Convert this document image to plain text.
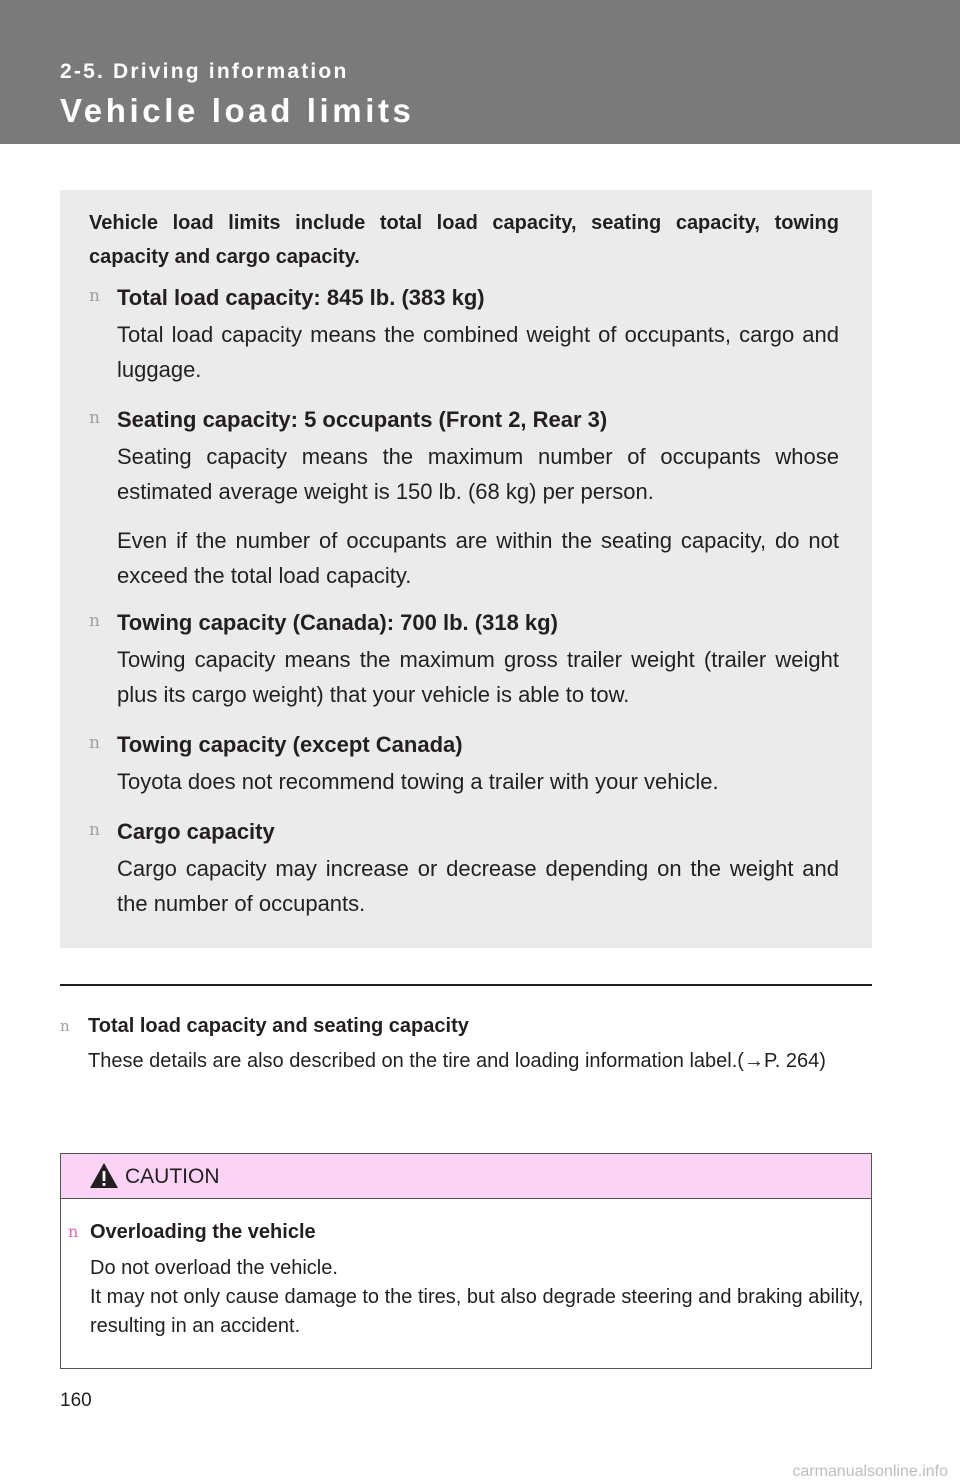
2-5. Driving information
Vehicle load limits
Vehicle load limits include total load capacity, seating capacity, towing capacity and cargo capacity.
n Total load capacity: 845 lb. (383 kg)
Total load capacity means the combined weight of occupants, cargo and luggage.
n Seating capacity: 5 occupants (Front 2, Rear 3)
Seating capacity means the maximum number of occupants whose estimated average weight is 150 lb. (68 kg) per person.
Even if the number of occupants are within the seating capacity, do not exceed the total load capacity.
n Towing capacity (Canada): 700 lb. (318 kg)
Towing capacity means the maximum gross trailer weight (trailer weight plus its cargo weight) that your vehicle is able to tow.
n Towing capacity (except Canada)
Toyota does not recommend towing a trailer with your vehicle.
n Cargo capacity
Cargo capacity may increase or decrease depending on the weight and the number of occupants.
n Total load capacity and seating capacity
These details are also described on the tire and loading information label.(→P. 264)
CAUTION
n Overloading the vehicle
Do not overload the vehicle.
It may not only cause damage to the tires, but also degrade steering and braking ability, resulting in an accident.
160
carmanualsonline.info
